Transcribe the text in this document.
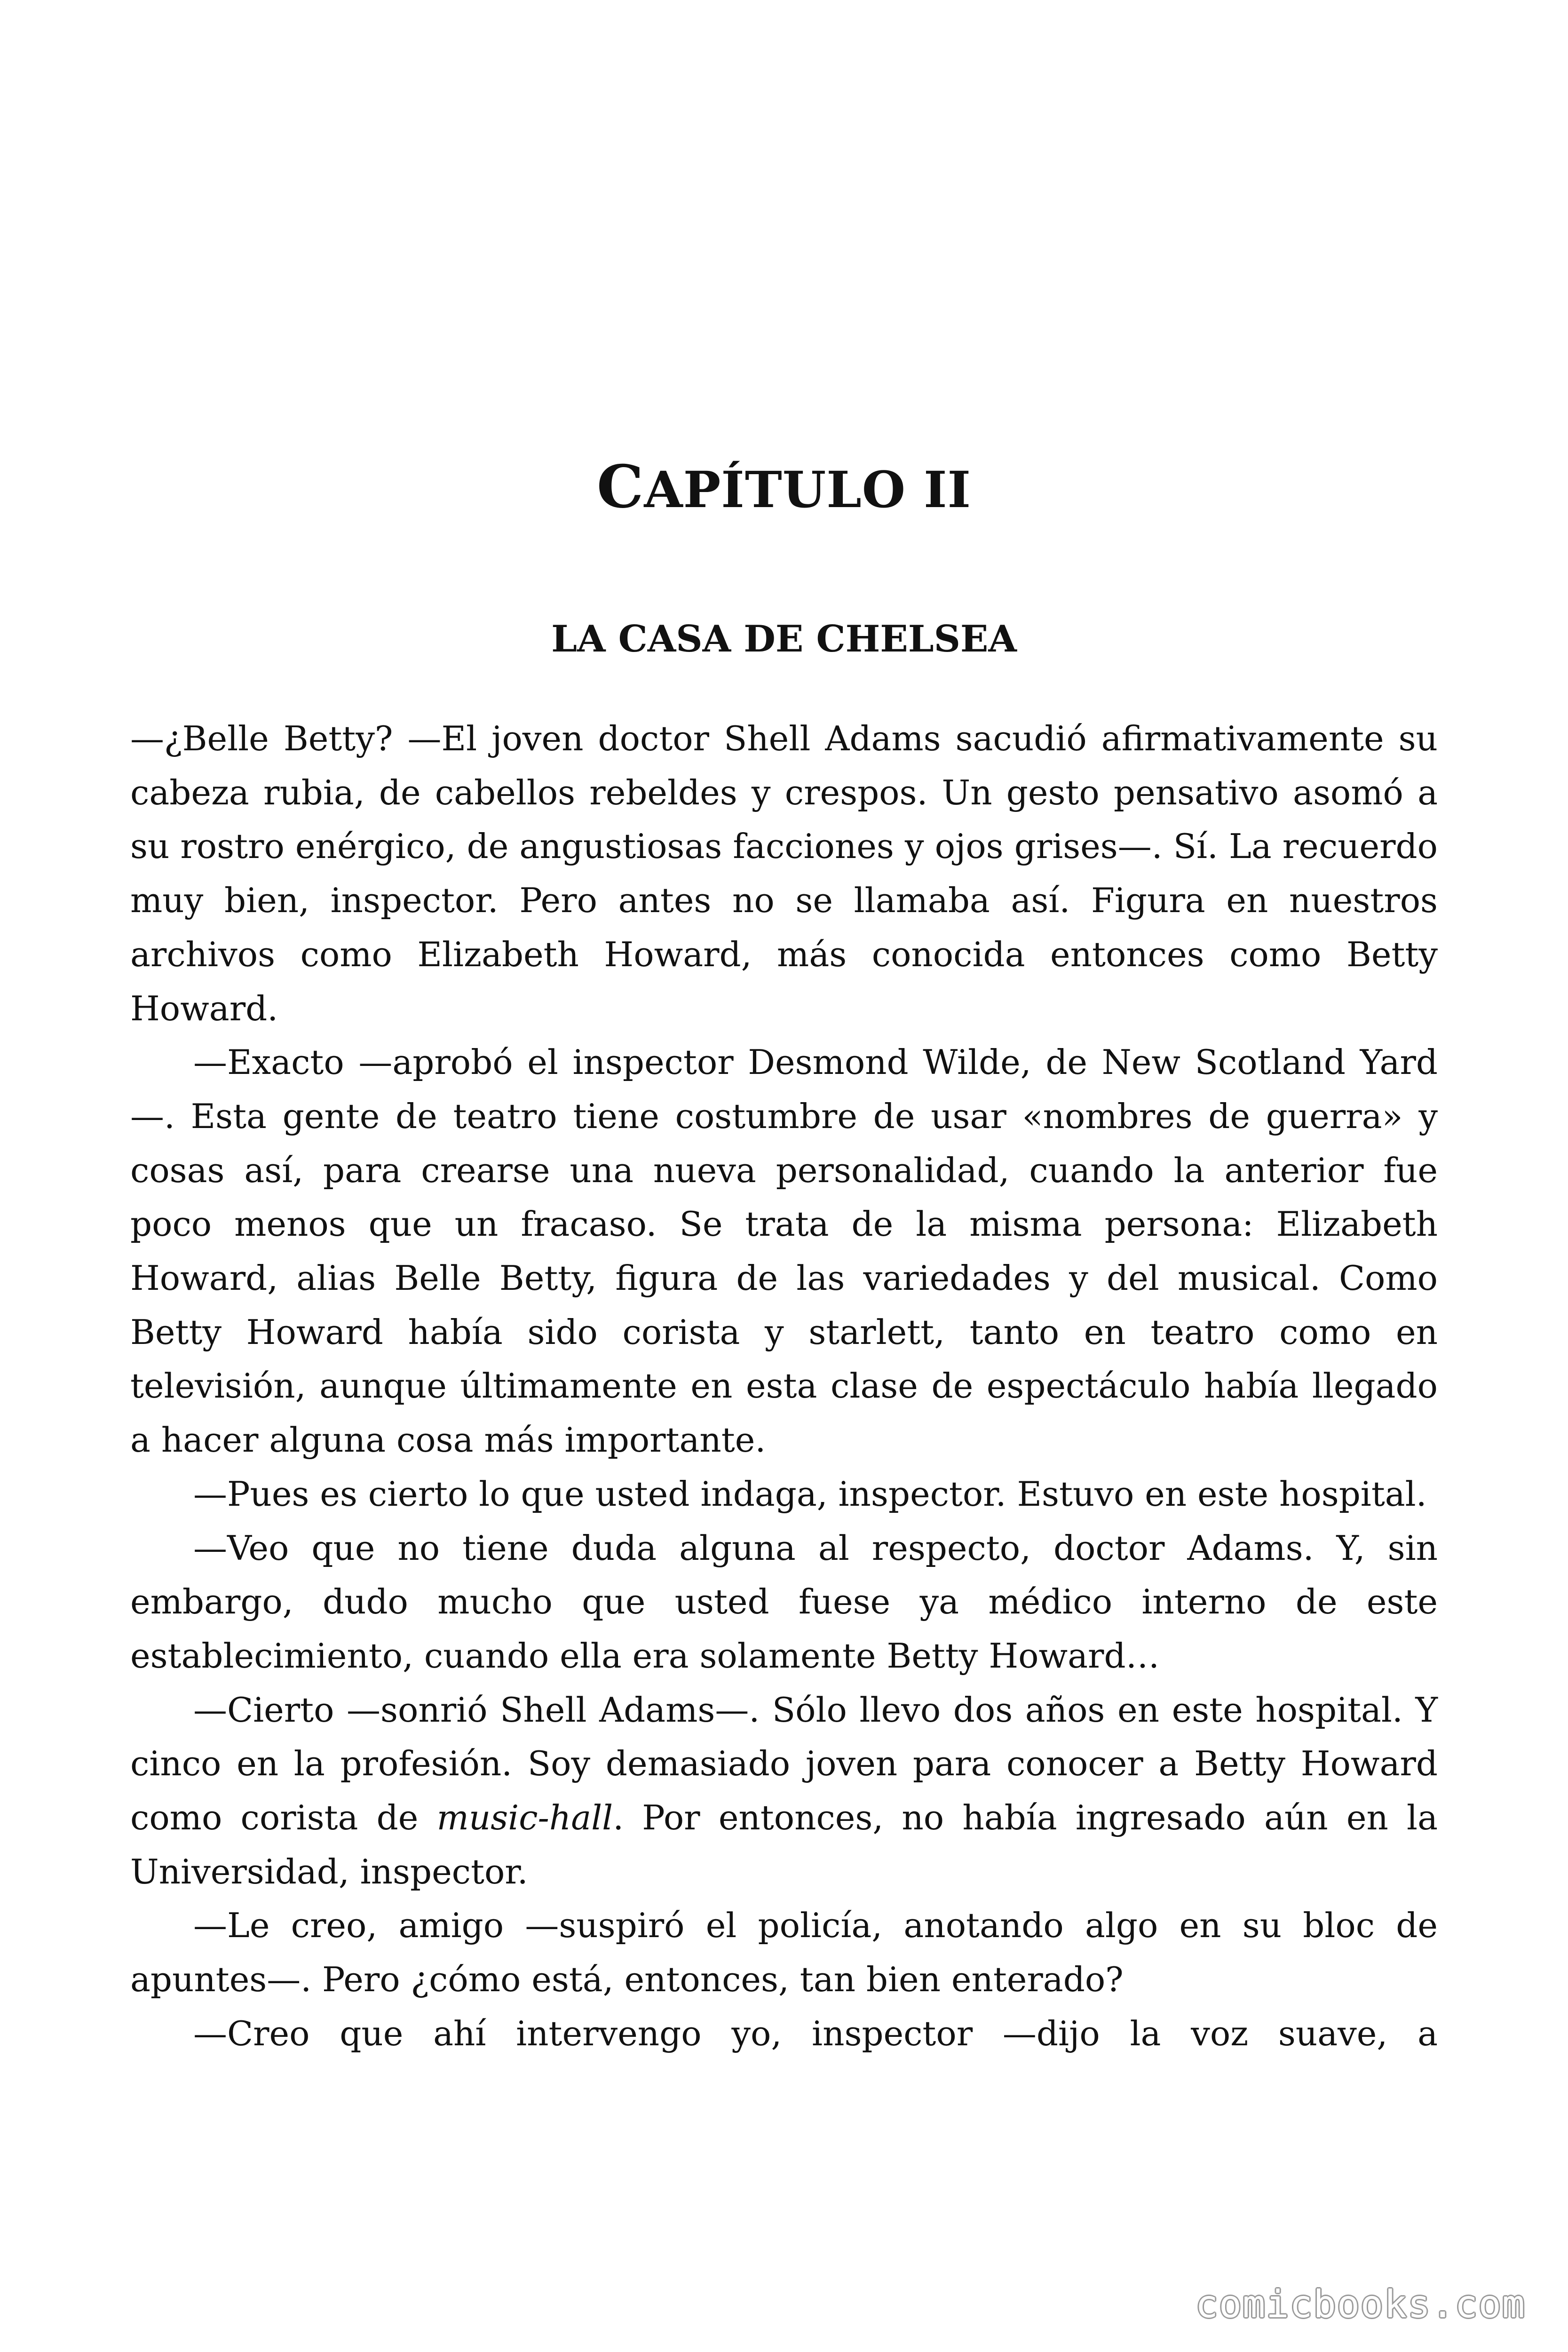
CAPÍTULO II
LA CASA DE CHELSEA

—¿Belle Betty? —El joven doctor Shell Adams sacudió afirmativamente su cabeza rubia, de cabellos rebeldes y crespos. Un gesto pensativo asomó a su rostro enérgico, de angustiosas facciones y ojos grises—. Sí. La recuerdo muy bien, inspector. Pero antes no se llamaba así. Figura en nuestros archivos como Elizabeth Howard, más conocida entonces como Betty Howard.

—Exacto —aprobó el inspector Desmond Wilde, de New Scotland Yard—. Esta gente de teatro tiene costumbre de usar «nombres de guerra» y cosas así, para crearse una nueva personalidad, cuando la anterior fue poco menos que un fracaso. Se trata de la misma persona: Elizabeth Howard, alias Belle Betty, figura de las variedades y del musical. Como Betty Howard había sido corista y starlett, tanto en teatro como en televisión, aunque últimamente en esta clase de espectáculo había llegado a hacer alguna cosa más importante.

—Pues es cierto lo que usted indaga, inspector. Estuvo en este hospital.

—Veo que no tiene duda alguna al respecto, doctor Adams. Y, sin embargo, dudo mucho que usted fuese ya médico interno de este establecimiento, cuando ella era solamente Betty Howard…

—Cierto —sonrió Shell Adams—. Sólo llevo dos años en este hospital. Y cinco en la profesión. Soy demasiado joven para conocer a Betty Howard como corista de music-hall. Por entonces, no había ingresado aún en la Universidad, inspector.

—Le creo, amigo —suspiró el policía, anotando algo en su bloc de apuntes—. Pero ¿cómo está, entonces, tan bien enterado?

—Creo que ahí intervengo yo, inspector —dijo la voz suave, a

comicbooks.com
